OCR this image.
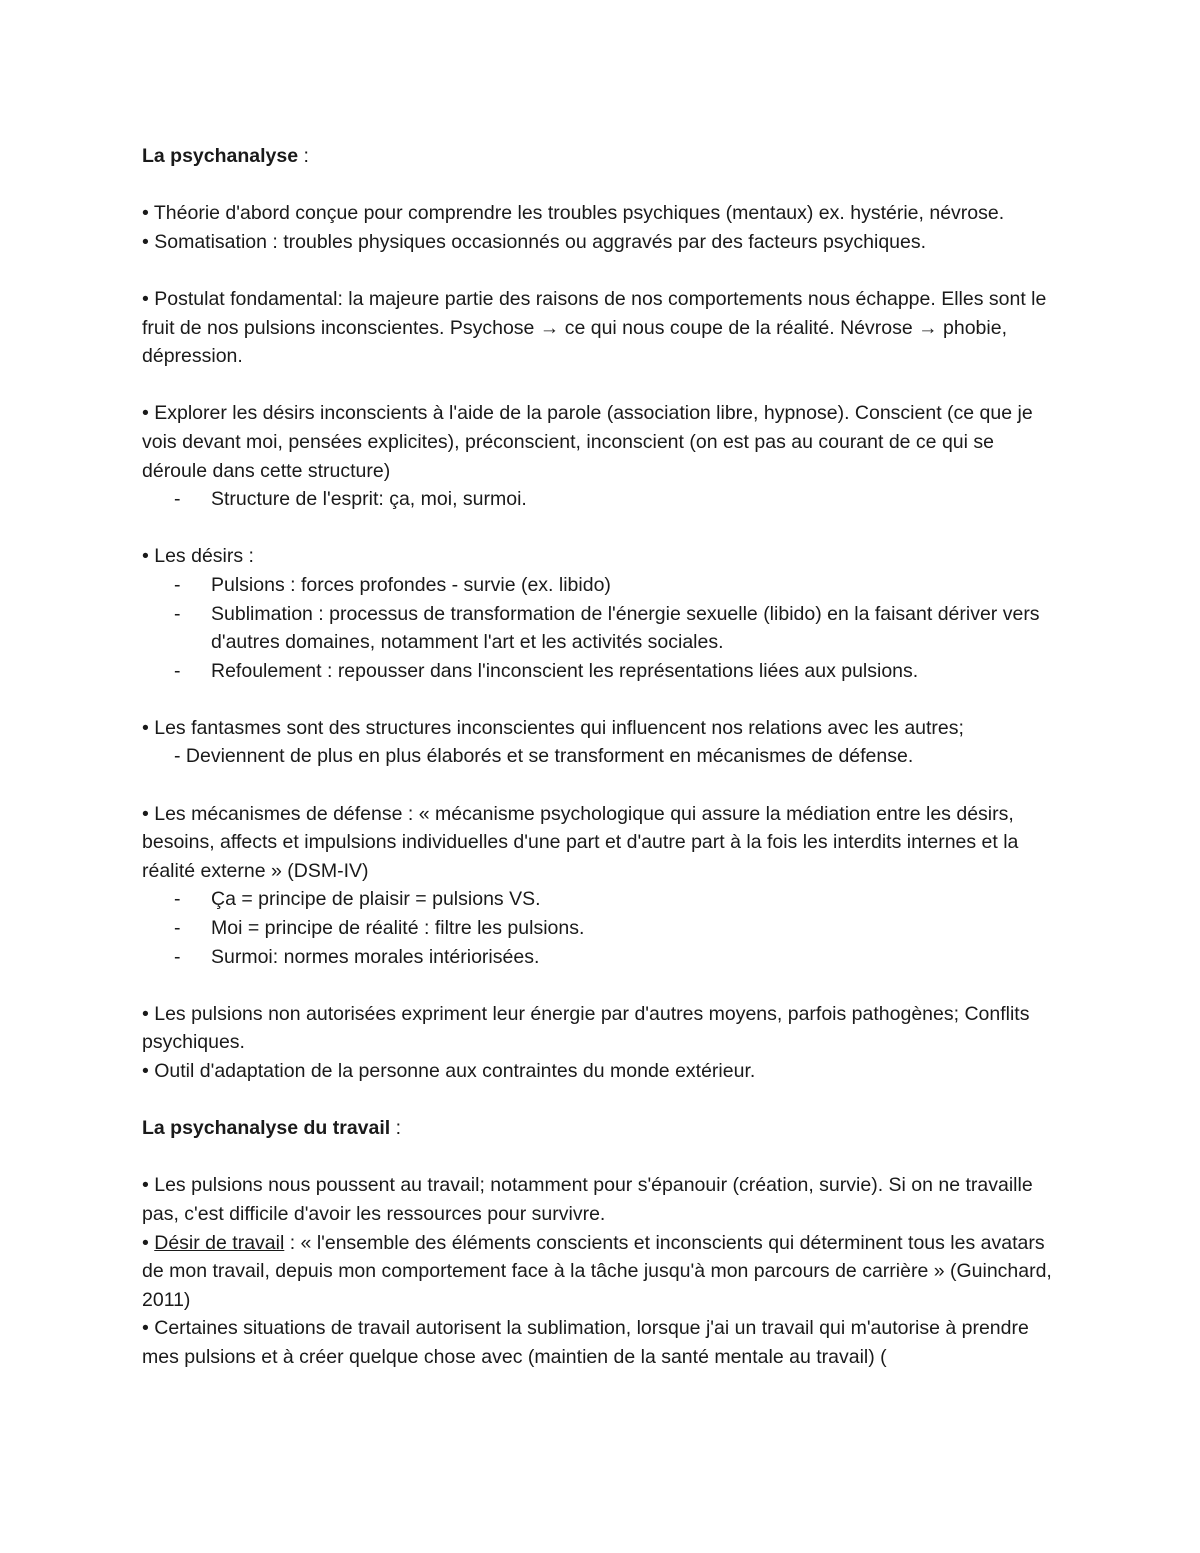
La psychanalyse :

• Théorie d'abord conçue pour comprendre les troubles psychiques (mentaux) ex. hystérie, névrose.

• Somatisation : troubles physiques occasionnés ou aggravés par des facteurs psychiques.

• Postulat fondamental: la majeure partie des raisons de nos comportements nous échappe. Elles sont le fruit de nos pulsions inconscientes. Psychose → ce qui nous coupe de la réalité. Névrose → phobie, dépression.

• Explorer les désirs inconscients à l'aide de la parole (association libre, hypnose). Conscient (ce que je vois devant moi, pensées explicites), préconscient, inconscient (on est pas au courant de ce qui se déroule dans cette structure)

-	Structure de l'esprit: ça, moi, surmoi.

• Les désirs :

-	Pulsions : forces profondes - survie (ex. libido)
-	Sublimation : processus de transformation de l'énergie sexuelle (libido) en la faisant dériver vers d'autres domaines, notamment l'art et les activités sociales.
-	Refoulement : repousser dans l'inconscient les représentations liées aux pulsions.

• Les fantasmes sont des structures inconscientes qui influencent nos relations avec les autres;

- Deviennent de plus en plus élaborés et se transforment en mécanismes de défense.

• Les mécanismes de défense : « mécanisme psychologique qui assure la médiation entre les désirs, besoins, affects et impulsions individuelles d'une part et d'autre part à la fois les interdits internes et la réalité externe » (DSM-IV)

-	Ça = principe de plaisir = pulsions VS.
-	Moi = principe de réalité : filtre les pulsions.
-	Surmoi: normes morales intériorisées.

• Les pulsions non autorisées expriment leur énergie par d'autres moyens, parfois pathogènes; Conflits psychiques.

• Outil d'adaptation de la personne aux contraintes du monde extérieur.

La psychanalyse du travail :

• Les pulsions nous poussent au travail; notamment pour s'épanouir (création, survie). Si on ne travaille pas, c'est difficile d'avoir les ressources pour survivre.

• Désir de travail : « l'ensemble des éléments conscients et inconscients qui déterminent tous les avatars de mon travail, depuis mon comportement face à la tâche jusqu'à mon parcours de carrière » (Guinchard, 2011)

• Certaines situations de travail autorisent la sublimation, lorsque j'ai un travail qui m'autorise à prendre mes pulsions et à créer quelque chose avec (maintien de la santé mentale au travail) (
